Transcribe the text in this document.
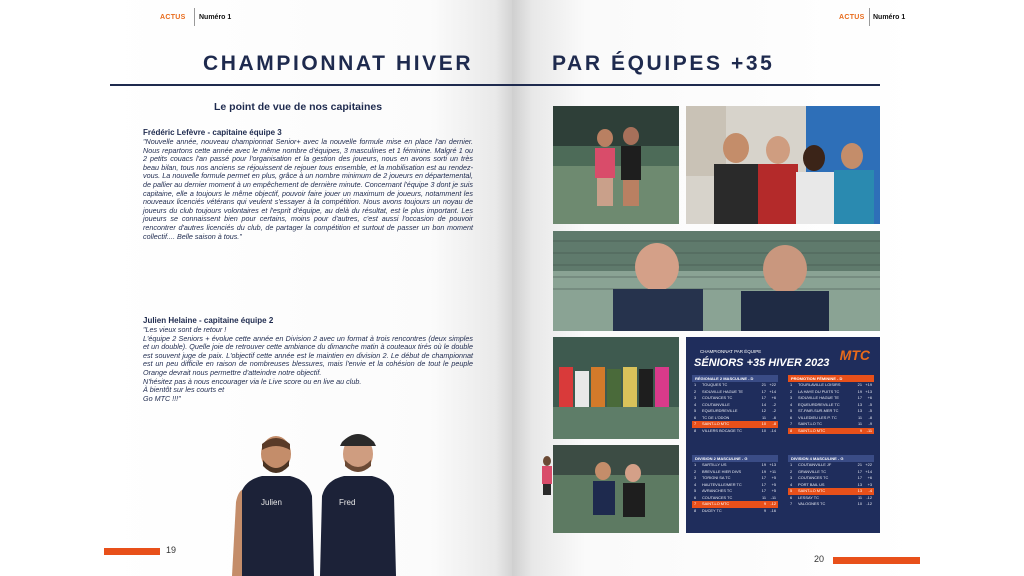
ACTUS Numéro 1
CHAMPIONNAT HIVER
Le point de vue de nos capitaines
Frédéric Lefèvre - capitaine équipe 3
"Nouvelle année, nouveau championnat Senior+ avec la nouvelle formule mise en place l'an dernier. Nous repartons cette année avec le même nombre d'équipes, 3 masculines et 1 féminine. Malgré 1 ou 2 petits couacs l'an passé pour l'organisation et la gestion des joueurs, nous en avons sorti un très beau bilan, tous nos anciens se réjouissent de rejouer tous ensemble, et la mobilisation est au rendez-vous. La nouvelle formule permet en plus, grâce à un nombre minimum de 2 joueurs en départemental, de pallier au dernier moment à un empêchement de dernière minute. Concernant l'équipe 3 dont je suis capitaine, elle a toujours le même objectif, pouvoir faire jouer un maximum de joueurs, notamment les nouveaux licenciés vétérans qui veulent s'essayer à la compétition. Nous avons toujours un noyau de joueurs du club toujours volontaires et l'esprit d'équipe, au delà du résultat, est le plus important. Les joueurs se connaissent bien pour certains, moins pour d'autres, c'est aussi l'occasion de pouvoir rencontrer d'autres licenciés du club, de partager la compétition et surtout de passer un bon moment collectif.... Belle saison à tous."
Julien Helaine - capitaine équipe 2
"Les vieux sont de retour !
L'équipe 2 Seniors + évolue cette année en Division 2 avec un format à trois rencontres (deux simples et un double). Quelle joie de retrouver cette ambiance du dimanche matin à couteaux tirés où le double est souvent juge de paix. L'objectif cette année est le maintien en division 2. Le début de championnat est un peu difficile en raison de nombreuses blessures, mais l'envie et la cohésion de tout le peuple Orange devrait nous permettre d'atteindre notre objectif.
N'hésitez pas à nous encourager via le Live score ou en live au club.
À bientôt sur les courts et
Go MTC !!!"
Julien	Fred
19
ACTUS Numéro 1
PAR ÉQUIPES +35
20
CHAMPIONNAT PAR ÉQUIPE
SÉNIORS +35 HIVER 2023 MTC
RÉGIONALE 2 MASCULINE - D
1	TOUQUES TC	21 +22
2	SIOUVILLE HAGUE TE	17 +14
3	COUTANCES TC	17	+6
4	COUTAINVILLE	14	-2
5	EQUEURDREVILLE	12	-2
6	TC DE L'ODON	11	-6
7	SAINT-LO MTC	10	-8
8	VILLERS BOCAGE TC	10	-14
PROMOTION FÉMININE - D
1	TOURLAVILLE LOISIRS	21 +19
2	LA HAYE DU PUITS TC	19 +13
3	SIOUVILLE HAGUE TE	17	+6
4	EQUEURDREVILLE TC	13	-5
5	ST-PAIR-SUR-MER TC	13	-5
6	VILLEDIEU LES P. TC	11	-8
7	SAINT-LO TC	11	-9
8	SAINT-LO MTC	9	-11
DIVISION 2 MASCULINE - G
1	SARTILLY US	19 +13
2	BREVILLE HIER DIVS	19 +11
3	TORIGNI SA TC	17	+5
4	HAUTEVILLE/MER TC	17	+5
5	AVRANCHES TC	17	+5
6	COUTANCES TC	11	-11
7	SAINT-LO MTC	9	-12
8	DUCEY TC	9	-16
DIVISION 4 MASCULINE - G
1	COUTAINVILLE JF	21 +22
2	GRANVILLE TC	17 +14
3	COUTANCES TC	17	+6
4	PORT BAIL US	13	+3
5	SAINT-LO MTC	13	-4
6	LESSAY TC	11	-12
7	VALOGNES TC	10	-12
